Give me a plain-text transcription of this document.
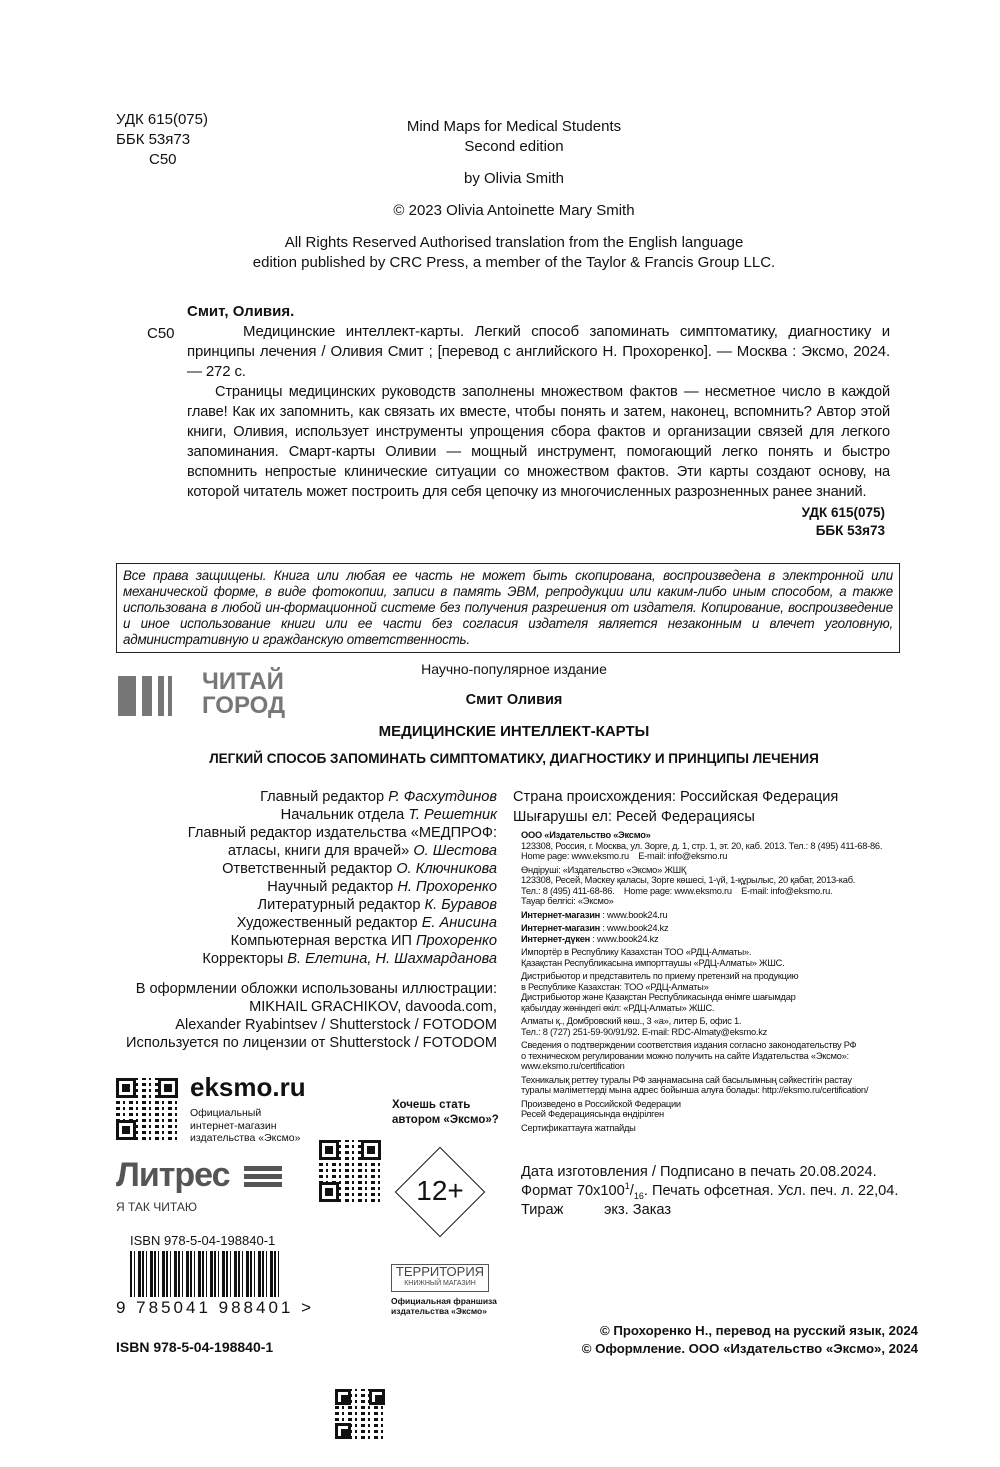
УДК 615(075)
ББК 53я73
С50
Mind Maps for Medical Students
Second edition
by Olivia Smith
© 2023 Olivia Antoinette Mary Smith
All Rights Reserved Authorised translation from the English language
edition published by CRC Press, a member of the Taylor & Francis Group LLC.
С50
Смит, Оливия.
Медицинские интеллект-карты. Легкий способ запоминать симптоматику, диагностику и принципы лечения / Оливия Смит ; [перевод с английского Н. Прохоренко]. — Москва : Эксмо, 2024. — 272 с.
Страницы медицинских руководств заполнены множеством фактов — несметное число в каждой главе! Как их запомнить, как связать их вместе, чтобы понять и затем, наконец, вспомнить? Автор этой книги, Оливия, использует инструменты упрощения сбора фактов и организации связей для легкого запоминания. Смарт-карты Оливии — мощный инструмент, помогающий легко понять и быстро вспомнить непростые клинические ситуации со множеством фактов. Эти карты создают основу, на которой читатель может построить для себя цепочку из многочисленных разрозненных ранее знаний.
УДК 615(075)
ББК 53я73
Все права защищены. Книга или любая ее часть не может быть скопирована, воспроизведена в электронной или механической форме, в виде фотокопии, записи в память ЭВМ, репродукции или каким-либо иным способом, а также использована в любой ин-формационной системе без получения разрешения от издателя. Копирование, воспроизведение и иное использование книги или ее части без согласия издателя является незаконным и влечет уголовную, административную и гражданскую ответственность.
ЧИТАЙ
ГОРОД
Научно-популярное издание
Смит Оливия
МЕДИЦИНСКИЕ ИНТЕЛЛЕКТ-КАРТЫ
ЛЕГКИЙ СПОСОБ ЗАПОМИНАТЬ СИМПТОМАТИКУ, ДИАГНОСТИКУ И ПРИНЦИПЫ ЛЕЧЕНИЯ
Главный редактор Р. Фасхутдинов
Начальник отдела Т. Решетник
Главный редактор издательства «МЕДПРОФ:
атласы, книги для врачей» О. Шестова
Ответственный редактор О. Ключникова
Научный редактор Н. Прохоренко
Литературный редактор К. Буравов
Художественный редактор Е. Анисина
Компьютерная верстка ИП Прохоренко
Корректоры В. Елетина, Н. Шахмарданова
В оформлении обложки использованы иллюстрации:
MIKHAIL GRACHIKOV, davooda.com,
Alexander Ryabintsev / Shutterstock / FOTODOM
Используется по лицензии от Shutterstock / FOTODOM
Страна происхождения: Российская Федерация
Шығарушы ел: Ресей Федерациясы

ООО «Издательство «Эксмо»
123308, Россия, г. Москва, ул. Зорге, д. 1, стр. 1, эт. 20, каб. 2013. Тел.: 8 (495) 411-68-86.
Home page: www.eksmo.ru    E-mail: info@eksmo.ru

Өндіруші: «Издательство «Эксмо» ЖШҚ
123308, Ресей, Мәскеу қаласы, Зорге көшесі, 1-үй, 1-құрылыс, 20 қабат, 2013-каб.
Тел.: 8 (495) 411-68-86.    Home page: www.eksmo.ru    E-mail: info@eksmo.ru.
Тауар белгісі: «Эксмо»

Интернет-магазин : www.book24.ru

Интернет-магазин : www.book24.kz
Интернет-дүкен : www.book24.kz

Импортёр в Республику Казахстан ТОО «РДЦ-Алматы».
Қазақстан Республикасына импорттаушы «РДЦ-Алматы» ЖШС.

Дистрибьютор и представитель по приему претензий на продукцию
в Республике Казахстан: ТОО «РДЦ-Алматы»
Дистрибьютор және Қазақстан Республикасында өнімге шағымдар
қабылдау жөніндегі өкіл: «РДЦ-Алматы» ЖШС.

Алматы қ., Домбровский көш., 3 «а», литер Б, офис 1.
Тел.: 8 (727) 251-59-90/91/92. E-mail: RDC-Almaty@eksmo.kz

Сведения о подтверждении соответствия издания согласно законодательству РФ
о техническом регулировании можно получить на сайте Издательства «Эксмо»:
www.eksmo.ru/certification

Техникалық реттеу туралы РФ заңнамасына сай басылымның сәйкестігін растау
туралы мәліметтерді мына адрес бойынша алуға болады: http://eksmo.ru/certification/

Произведено в Российской Федерации
Ресей Федерациясында өндірілген

Сертификаттауға жатпайды

Дата изготовления / Подписано в печать 20.08.2024.
Формат $70x100^1/_{16}$. Печать офсетная. Усл. печ. л. 22,04.
Тираж          экз. Заказ
eksmo.ru
Официальный
интернет-магазин
издательства «Эксмо»
Хочешь стать
автором «Эксмо»?
Литрес
Я ТАК ЧИТАЮ
12+
ISBN 978-5-04-198840-1
9 785041 988401 >
ISBN 978-5-04-198840-1
ТЕРРИТОРИЯ
КНИЖНЫЙ МАГАЗИН
Официальная франшиза
издательства «Эксмо»
© Прохоренко Н., перевод на русский язык, 2024
© Оформление. ООО «Издательство «Эксмо», 2024
